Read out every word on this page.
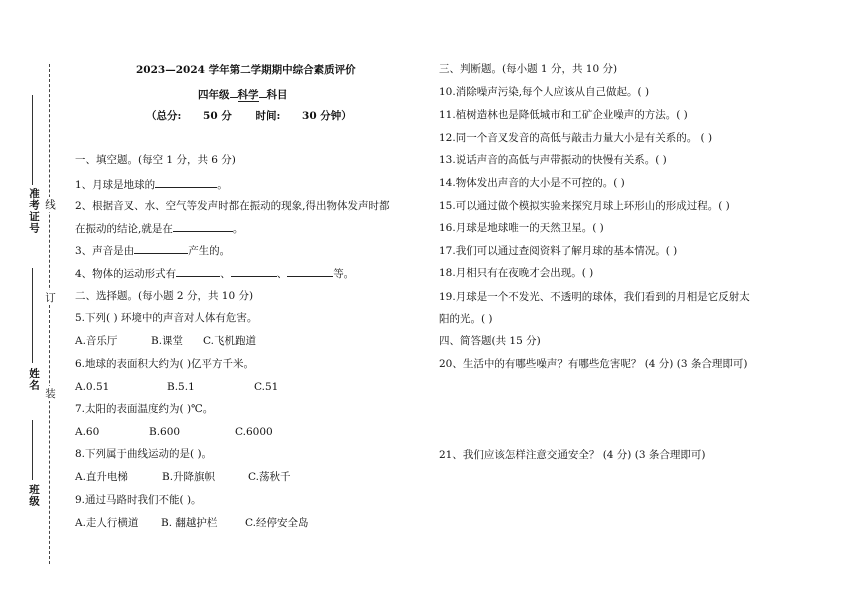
线
订
装
准考证号
姓名
班级
2023—2024 学年第二学期期中综合素质评价
四年级 科学 科目
（总分: 50 分 时间: 30 分钟）
一、填空题。(每空 1 分，共 6 分)
1、月球是地球的	。
2、根据音叉、水、空气等发声时都在振动的现象,得出物体发声时都
在振动的结论,就是在	。
3、声音是由	产生的。
4、物体的运动形式有	、	、	等。
二、选择题。(每小题 2 分，共 10 分)
5.下列( ) 环境中的声音对人体有危害。
A.音乐厅	B.课堂 C.飞机跑道
6.地球的表面积大约为( )亿平方千米。
A.0.51	B.5.1	C.51
7.太阳的表面温度约为( )℃。
A.60	B.600	C.6000
8.下列属于曲线运动的是( )。
A.直升电梯	B.升降旗帜	C.荡秋千
9.通过马路时我们不能( )。
A.走人行横道 B. 翻越护栏	C.经停安全岛
三、判断题。(每小题 1 分，共 10 分)
10.消除噪声污染,每个人应该从自己做起。( )
11.植树造林也是降低城市和工矿企业噪声的方法。( )
12.同一个音叉发音的高低与敲击力量大小是有关系的。 ( )
13.说话声音的高低与声带振动的快慢有关系。( )
14.物体发出声音的大小是不可控的。( )
15.可以通过做个模拟实验来探究月球上环形山的形成过程。( )
16.月球是地球唯一的天然卫星。( )
17.我们可以通过查阅资料了解月球的基本情况。( )
18.月相只有在夜晚才会出现。( )
19.月球是一个不发光、不透明的球体，我们看到的月相是它反射太
阳的光。( )
四、简答题(共 15 分)
20、生活中的有哪些噪声？有哪些危害呢？ (4 分) (3 条合理即可)
21、我们应该怎样注意交通安全？ (4 分) (3 条合理即可)
